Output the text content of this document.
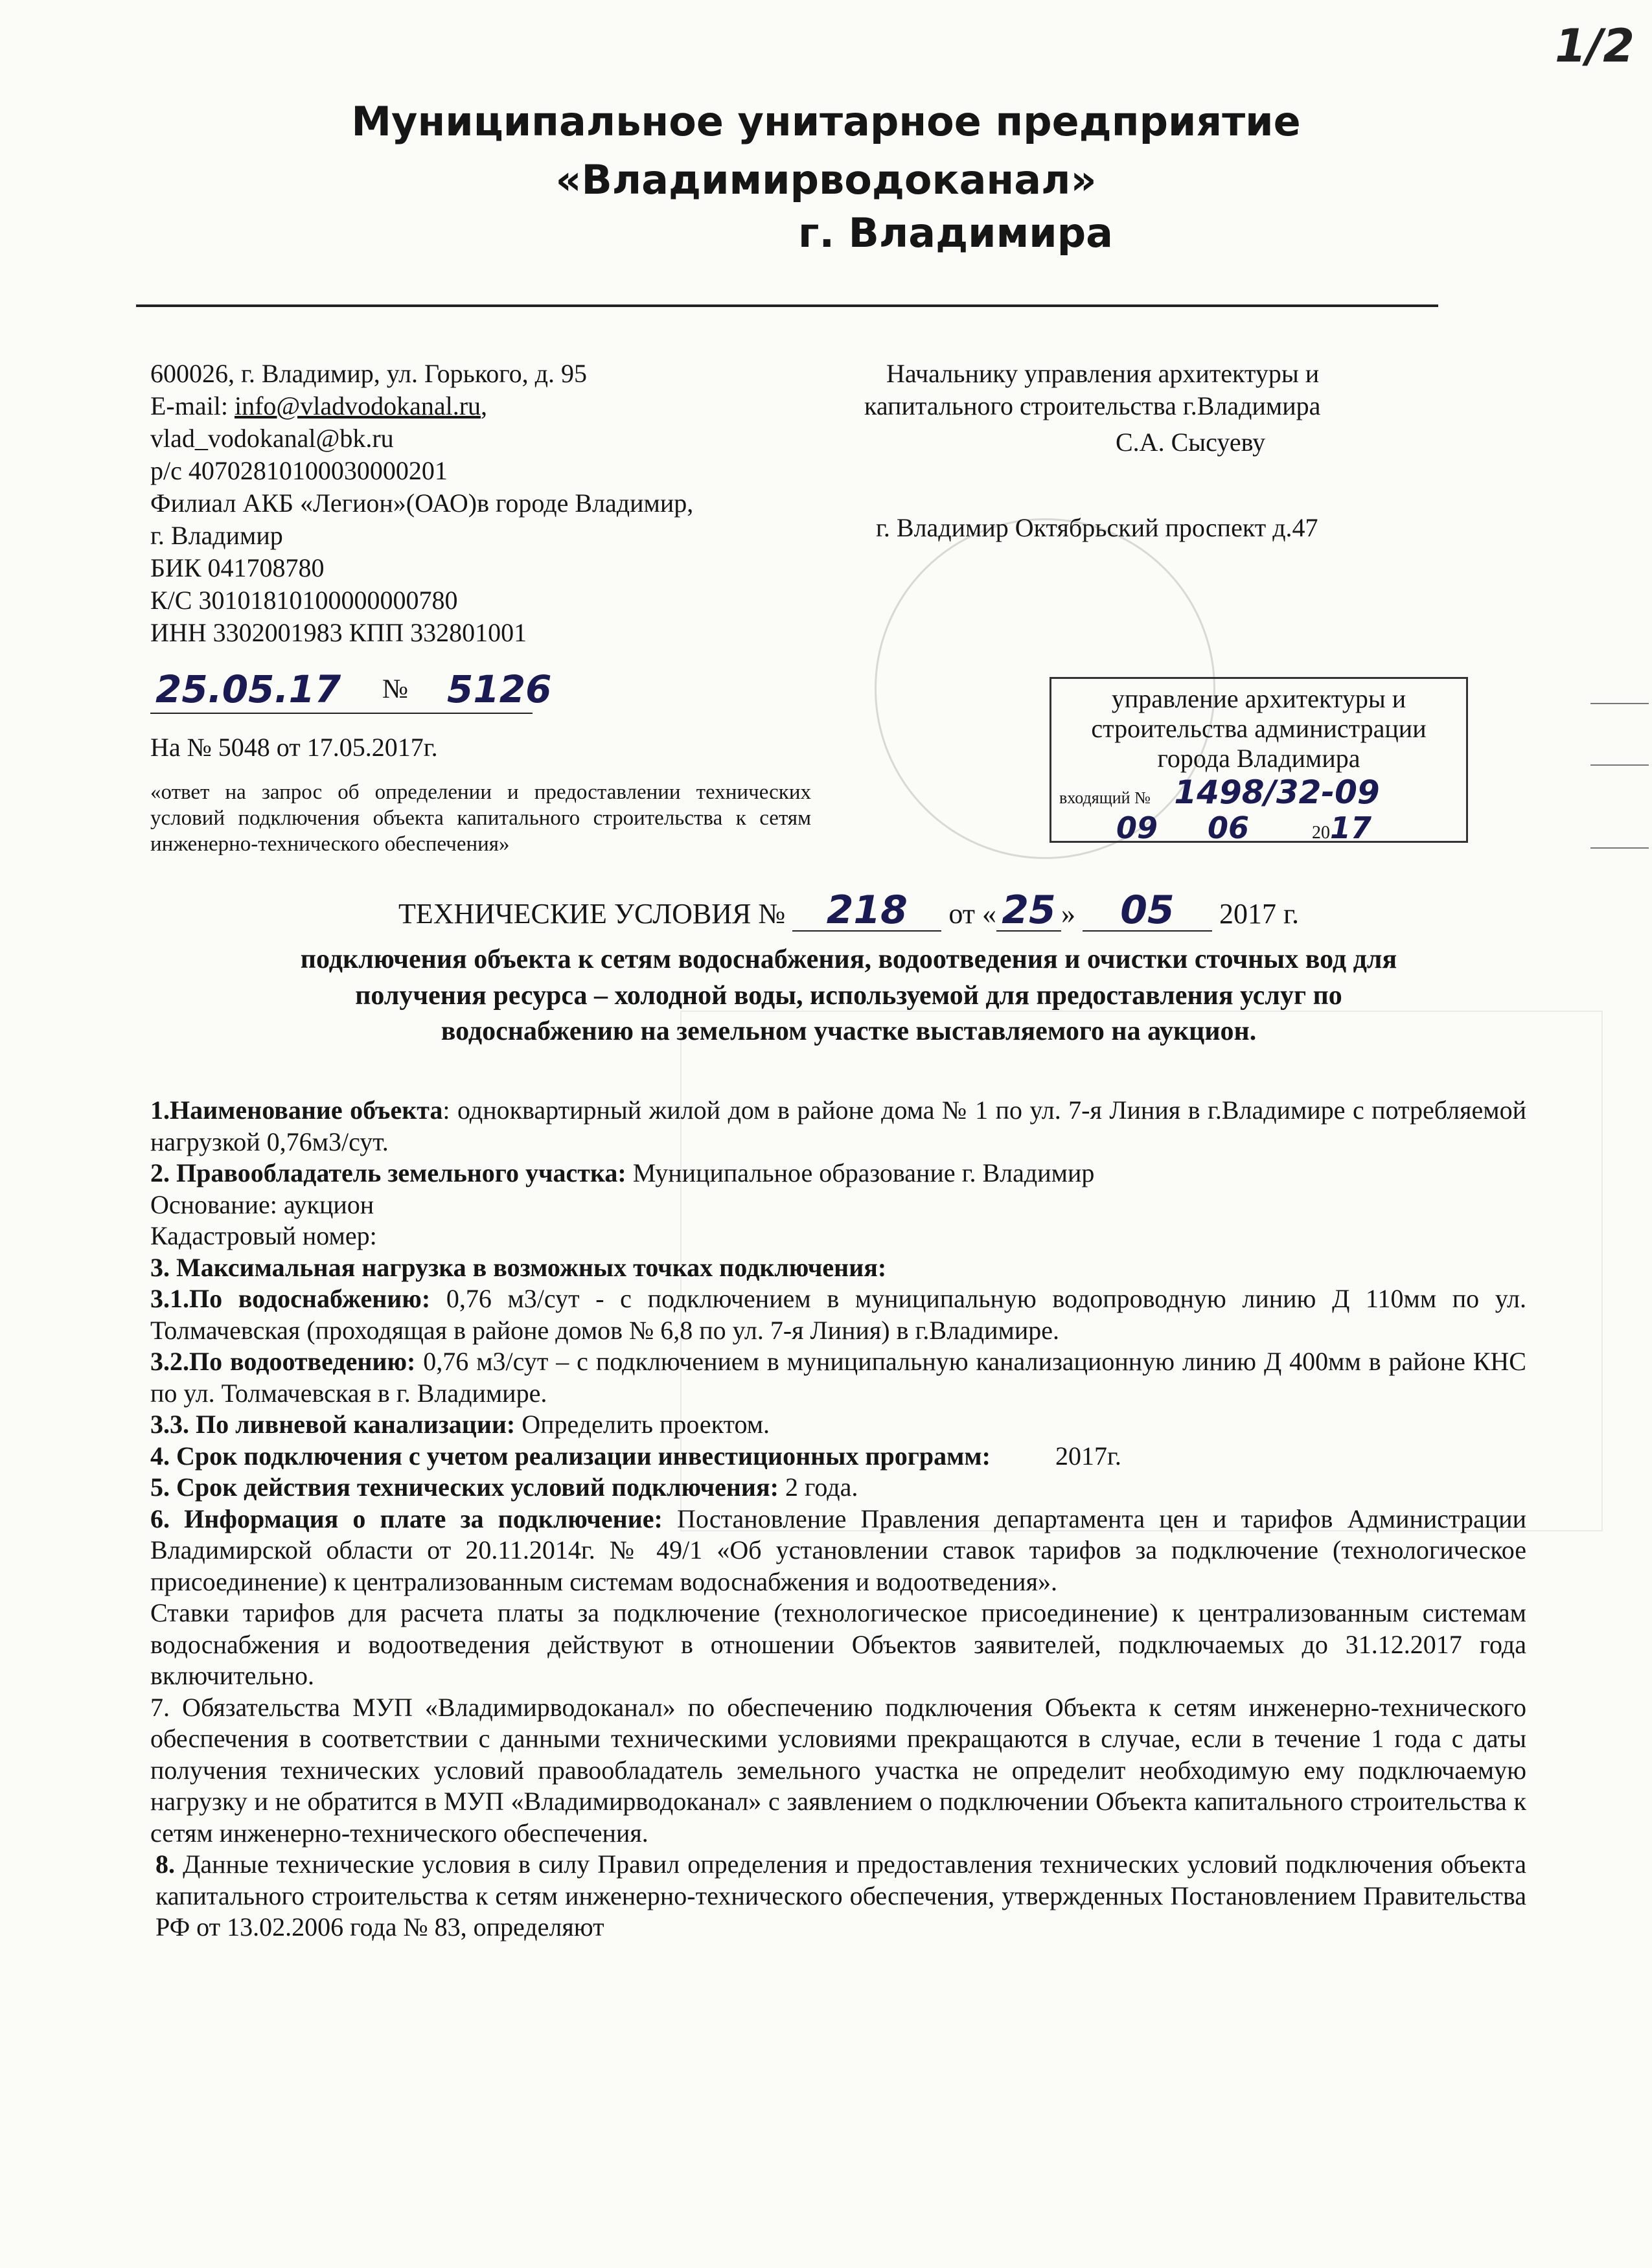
1/2
Муниципальное унитарное предприятие
«Владимирводоканал»
г. Владимира
600026, г. Владимир, ул. Горького, д. 95
E-mail: info@vladvodokanal.ru,
vlad_vodokanal@bk.ru
р/с 40702810100030000201
Филиал АКБ «Легион»(ОАО)в городе Владимир,
г. Владимир
БИК 041708780
К/С 30101810100000000780
ИНН 3302001983 КПП 332801001
Начальнику управления архитектуры и
капитального строительства г.Владимира
С.А. Сысуеву
г. Владимир Октябрьский проспект д.47
25.05.17 № 5126
На № 5048 от 17.05.2017г.
управление архитектуры и
строительства администрации
города Владимира
входящий № 1498/32-09
09 06	2017
«ответ на запрос об определении и предоставлении технических условий подключения объекта капитального строительства к сетям инженерно-технического обеспечения»
ТЕХНИЧЕСКИЕ УСЛОВИЯ № 218 от « 25 » 05 2017 г.
подключения объекта к сетям водоснабжения, водоотведения и очистки сточных вод для
получения ресурса – холодной воды, используемой для предоставления услуг по
водоснабжению на земельном участке выставляемого на аукцион.

1.Наименование объекта: одноквартирный жилой дом в районе дома № 1 по ул. 7-я Линия в г.Владимире с потребляемой нагрузкой 0,76м3/сут.

2. Правообладатель земельного участка: Муниципальное образование г. Владимир

Основание: аукцион

Кадастровый номер:

3. Максимальная нагрузка в возможных точках подключения:

3.1.По водоснабжению: 0,76 м3/сут - с подключением в муниципальную водопроводную линию Д 110мм по ул. Толмачевская (проходящая в районе домов № 6,8 по ул. 7-я Линия) в г.Владимире.

3.2.По водоотведению: 0,76 м3/сут – с подключением в муниципальную канализационную линию Д 400мм в районе КНС по ул. Толмачевская в г. Владимире.

3.3. По ливневой канализации: Определить проектом.

4. Срок подключения с учетом реализации инвестиционных программ:          2017г.

5. Срок действия технических условий подключения: 2 года.

6. Информация о плате за подключение: Постановление Правления департамента цен и тарифов Администрации Владимирской области от 20.11.2014г. № 49/1 «Об установлении ставок тарифов за подключение (технологическое присоединение) к централизованным системам водоснабжения и водоотведения».

Ставки тарифов для расчета платы за подключение (технологическое присоединение) к централизованным системам водоснабжения и водоотведения действуют в отношении Объектов заявителей, подключаемых до 31.12.2017 года включительно.

7. Обязательства МУП «Владимирводоканал» по обеспечению подключения Объекта к сетям инженерно-технического обеспечения в соответствии с данными техническими условиями прекращаются в случае, если в течение 1 года с даты получения технических условий правообладатель земельного участка не определит необходимую ему подключаемую нагрузку и не обратится в МУП «Владимирводоканал» с заявлением о подключении Объекта капитального строительства к сетям инженерно-технического обеспечения.

8. Данные технические условия в силу Правил определения и предоставления технических условий подключения объекта капитального строительства к сетям инженерно-технического обеспечения, утвержденных Постановлением Правительства РФ от 13.02.2006 года № 83, определяют
